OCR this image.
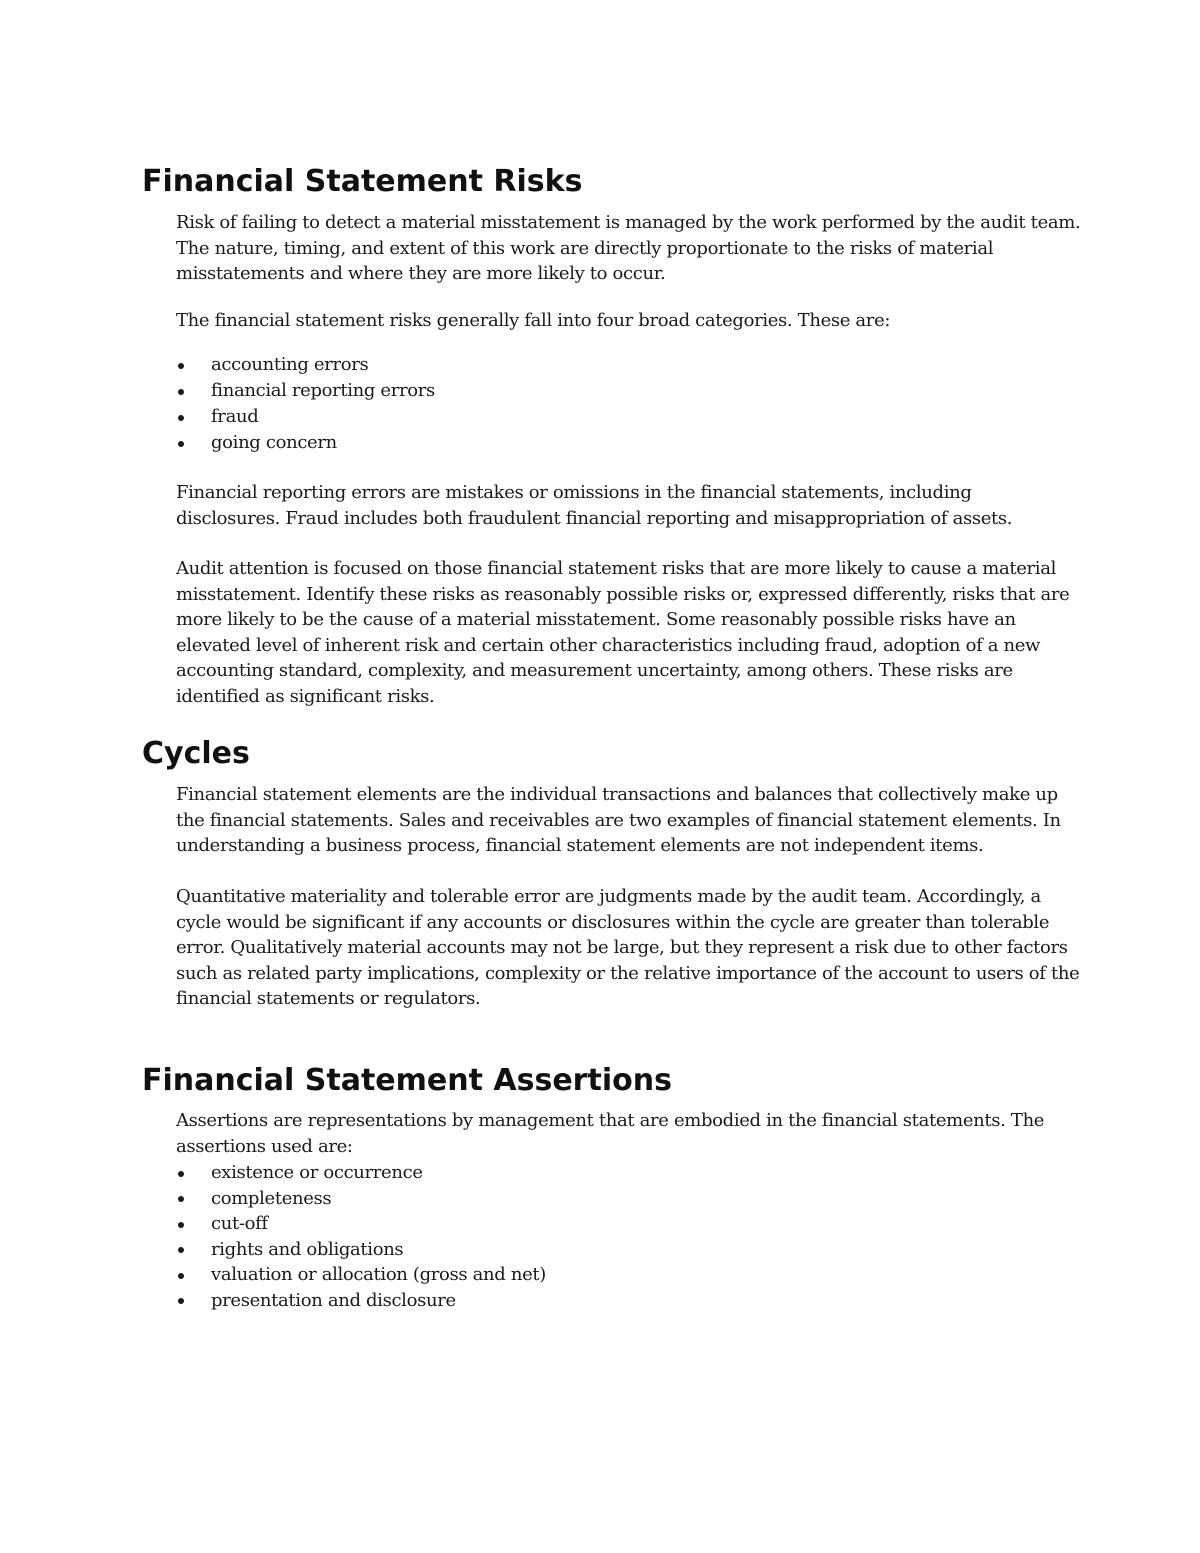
Financial Statement Risks
Risk of failing to detect a material misstatement is managed by the work performed by the audit team.
The nature, timing, and extent of this work are directly proportionate to the risks of material
misstatements and where they are more likely to occur.
The financial statement risks generally fall into four broad categories. These are:
accounting errors
financial reporting errors
fraud
going concern
Financial reporting errors are mistakes or omissions in the financial statements, including
disclosures. Fraud includes both fraudulent financial reporting and misappropriation of assets.
Audit attention is focused on those financial statement risks that are more likely to cause a material
misstatement. Identify these risks as reasonably possible risks or, expressed differently, risks that are
more likely to be the cause of a material misstatement. Some reasonably possible risks have an
elevated level of inherent risk and certain other characteristics including fraud, adoption of a new
accounting standard, complexity, and measurement uncertainty, among others. These risks are
identified as significant risks.
Cycles
Financial statement elements are the individual transactions and balances that collectively make up
the financial statements. Sales and receivables are two examples of financial statement elements. In
understanding a business process, financial statement elements are not independent items.
Quantitative materiality and tolerable error are judgments made by the audit team. Accordingly, a
cycle would be significant if any accounts or disclosures within the cycle are greater than tolerable
error. Qualitatively material accounts may not be large, but they represent a risk due to other factors
such as related party implications, complexity or the relative importance of the account to users of the
financial statements or regulators.
Financial Statement Assertions
Assertions are representations by management that are embodied in the financial statements. The
assertions used are:
existence or occurrence
completeness
cut-off
rights and obligations
valuation or allocation (gross and net)
presentation and disclosure
